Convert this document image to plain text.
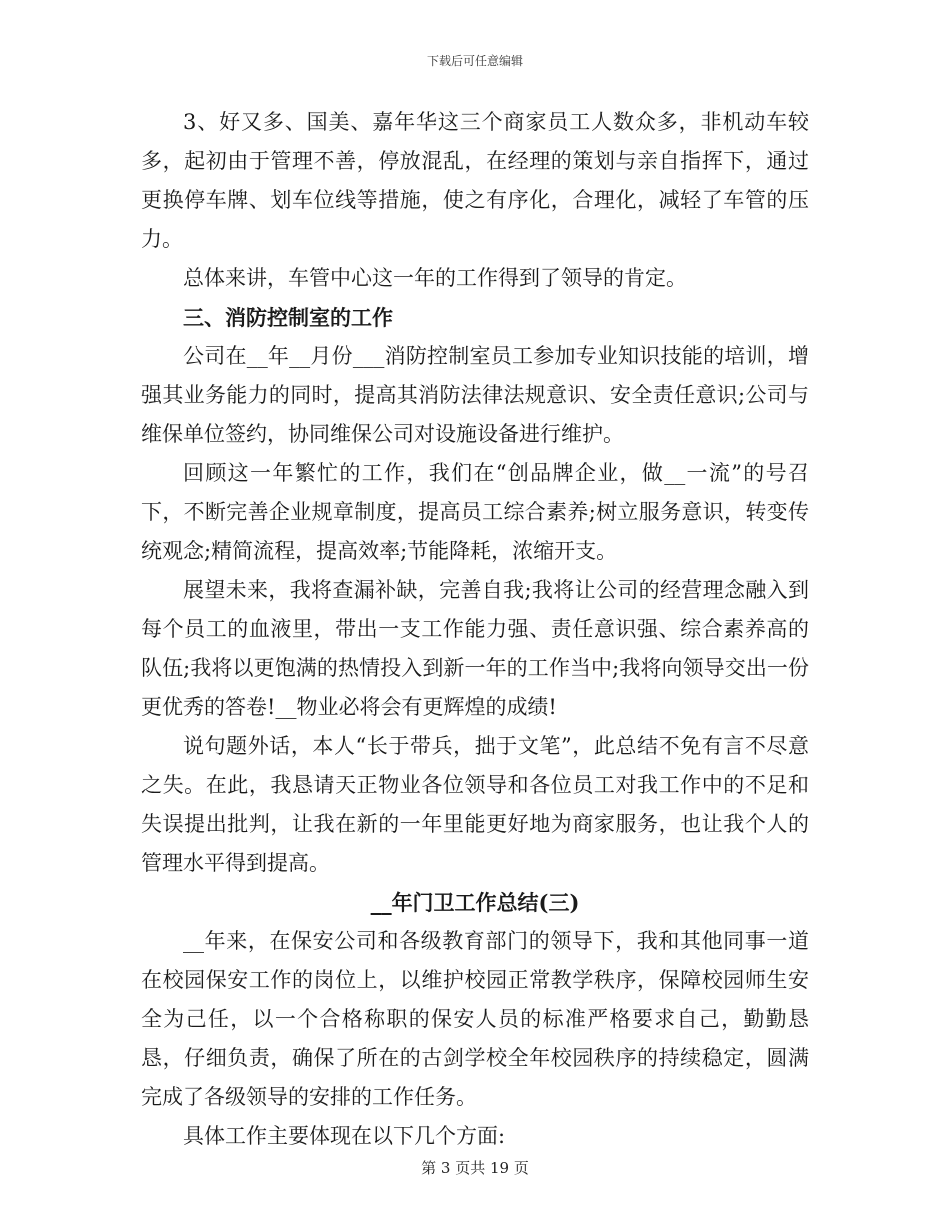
下载后可任意编辑

3、好又多、国美、嘉年华这三个商家员工人数众多，非机动车较多，起初由于管理不善，停放混乱，在经理的策划与亲自指挥下，通过更换停车牌、划车位线等措施，使之有序化，合理化，减轻了车管的压力。

总体来讲，车管中心这一年的工作得到了领导的肯定。

三、消防控制室的工作

公司在__年__月份___消防控制室员工参加专业知识技能的培训，增强其业务能力的同时，提高其消防法律法规意识、安全责任意识;公司与维保单位签约，协同维保公司对设施设备进行维护。

回顾这一年繁忙的工作，我们在“创品牌企业，做__一流”的号召下，不断完善企业规章制度，提高员工综合素养;树立服务意识，转变传统观念;精简流程，提高效率;节能降耗，浓缩开支。

展望未来，我将查漏补缺，完善自我;我将让公司的经营理念融入到每个员工的血液里，带出一支工作能力强、责任意识强、综合素养高的队伍;我将以更饱满的热情投入到新一年的工作当中;我将向领导交出一份更优秀的答卷!__物业必将会有更辉煌的成绩!

说句题外话，本人“长于带兵，拙于文笔”，此总结不免有言不尽意之失。在此，我恳请天正物业各位领导和各位员工对我工作中的不足和失误提出批判，让我在新的一年里能更好地为商家服务，也让我个人的管理水平得到提高。

__年门卫工作总结(三)

__年来，在保安公司和各级教育部门的领导下，我和其他同事一道在校园保安工作的岗位上，以维护校园正常教学秩序，保障校园师生安全为己任，以一个合格称职的保安人员的标准严格要求自己，勤勤恳恳，仔细负责，确保了所在的古剑学校全年校园秩序的持续稳定，圆满完成了各级领导的安排的工作任务。

具体工作主要体现在以下几个方面:

第 3 页共 19 页
